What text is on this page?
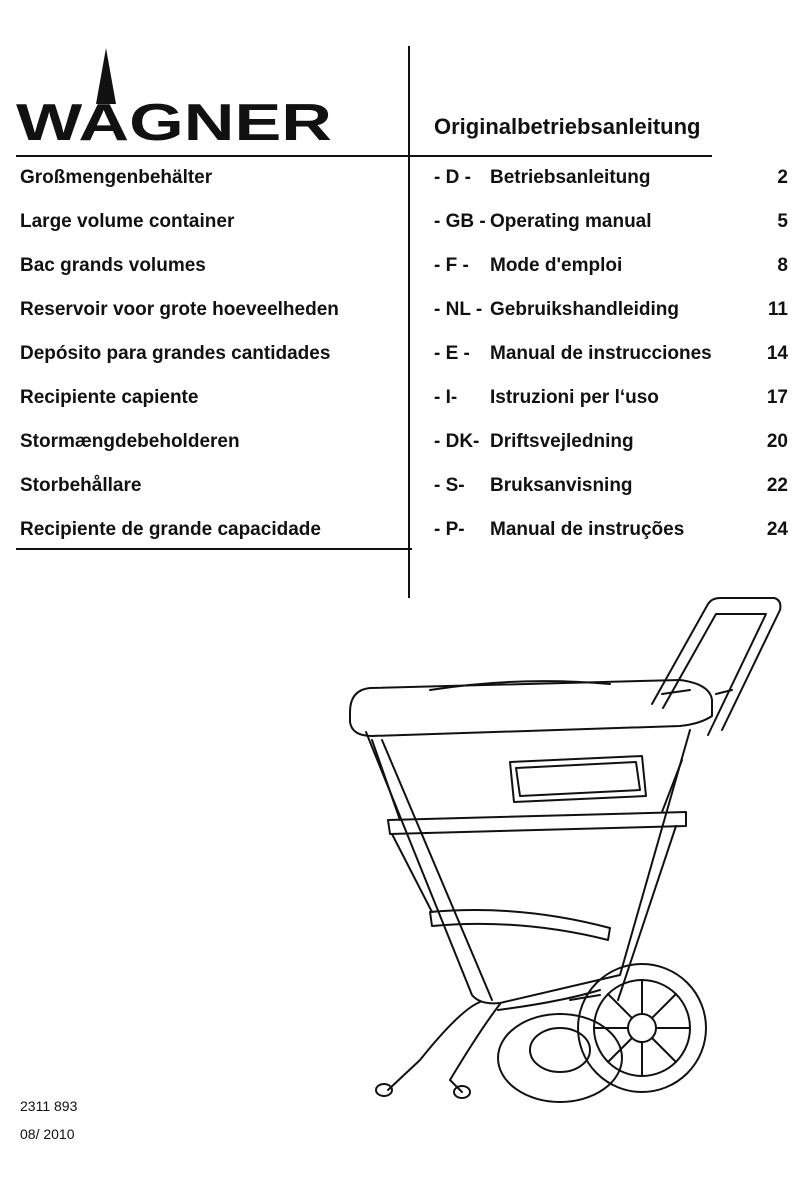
WAGNER	Originalbetriebsanleitung
Großmengenbehälter	- D - Betriebsanleitung	2
Large volume container	- GB - Operating manual	5
Bac grands volumes	- F - Mode d'emploi	8
Reservoir voor grote hoeveelheden	- NL - Gebruikshandleiding	11
Depósito para grandes cantidades	- E - Manual de instrucciones	14
Recipiente capiente	- I- Istruzioni per l‘uso	17
Stormængdebeholderen	- DK- Driftsvejledning	20
Storbehållare	- S- Bruksanvisning	22
Recipiente de grande capacidade	- P- Manual de instruções	24
2311 893
08/ 2010
